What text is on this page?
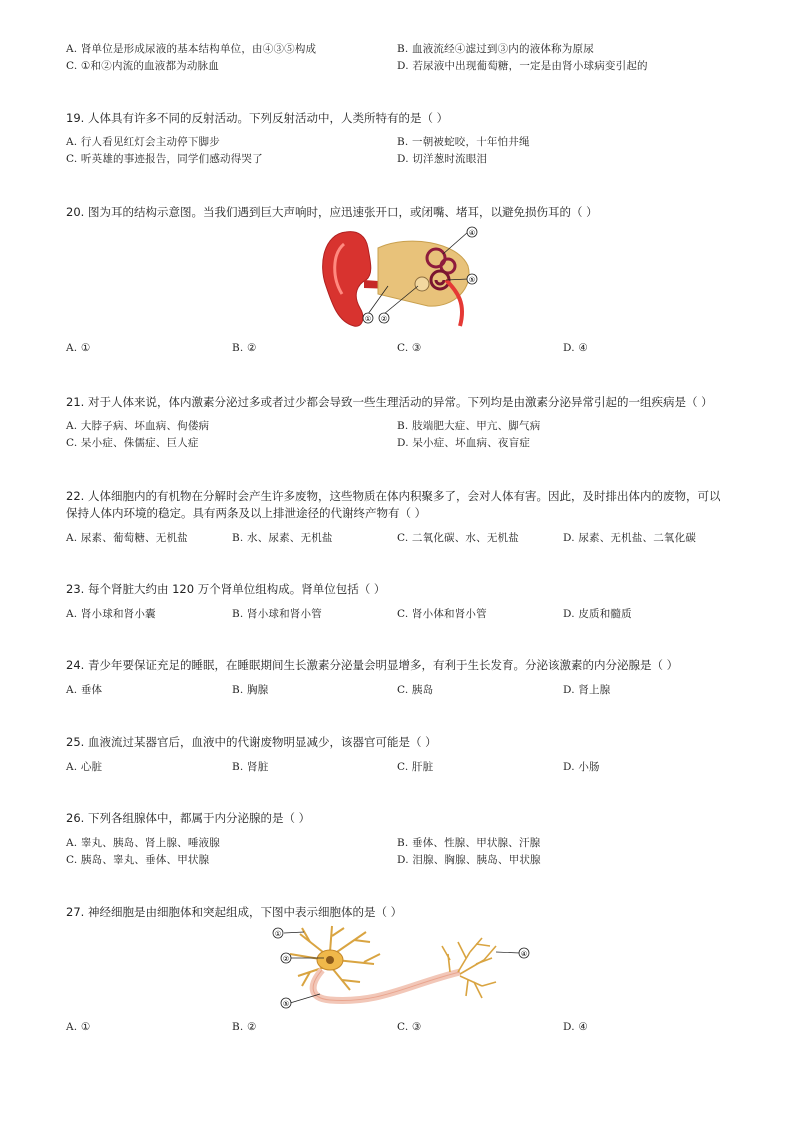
A. 肾单位是形成尿液的基本结构单位，由④③⑤构成	B. 血液流经④滤过到③内的液体称为原尿
C. ①和②内流的血液都为动脉血	D. 若尿液中出现葡萄糖，一定是由肾小球病变引起的
19. 人体具有许多不同的反射活动。下列反射活动中，人类所特有的是（ ）
A. 行人看见红灯会主动停下脚步	B. 一朝被蛇咬，十年怕井绳
C. 听英雄的事迹报告，同学们感动得哭了	D. 切洋葱时流眼泪
20. 图为耳的结构示意图。当我们遇到巨大声响时，应迅速张开口，或闭嘴、堵耳，以避免损伤耳的（ ）
④
⑤
① ②
A. ①	B. ②	C. ③	D. ④
21. 对于人体来说，体内激素分泌过多或者过少都会导致一些生理活动的异常。下列均是由激素分泌异常引起的一组疾病是（ ）
A. 大脖子病、坏血病、佝偻病	B. 肢端肥大症、甲亢、脚气病
C. 呆小症、侏儒症、巨人症	D. 呆小症、坏血病、夜盲症
22. 人体细胞内的有机物在分解时会产生许多废物，这些物质在体内积聚多了，会对人体有害。因此，及时排出体内的废物，可以
保持人体内环境的稳定。具有两条及以上排泄途径的代谢终产物有（ ）
A. 尿素、葡萄糖、无机盐	B. 水、尿素、无机盐	C. 二氧化碳、水、无机盐	D. 尿素、无机盐、二氧化碳
23. 每个肾脏大约由 120 万个肾单位组构成。肾单位包括（ ）
A. 肾小球和肾小囊	B. 肾小球和肾小管	C. 肾小体和肾小管	D. 皮质和髓质
24. 青少年要保证充足的睡眠，在睡眠期间生长激素分泌量会明显增多，有利于生长发育。分泌该激素的内分泌腺是（ ）
A. 垂体	B. 胸腺	C. 胰岛	D. 肾上腺
25. 血液流过某器官后，血液中的代谢废物明显减少，该器官可能是（ ）
A. 心脏	B. 肾脏	C. 肝脏	D. 小肠
26. 下列各组腺体中，都属于内分泌腺的是（ ）
A. 睾丸、胰岛、肾上腺、唾液腺	B. 垂体、性腺、甲状腺、汗腺
C. 胰岛、睾丸、垂体、甲状腺	D. 泪腺、胸腺、胰岛、甲状腺
27. 神经细胞是由细胞体和突起组成，下图中表示细胞体的是（ ）
①
②
⑤
④
A. ①	B. ②	C. ③	D. ④
